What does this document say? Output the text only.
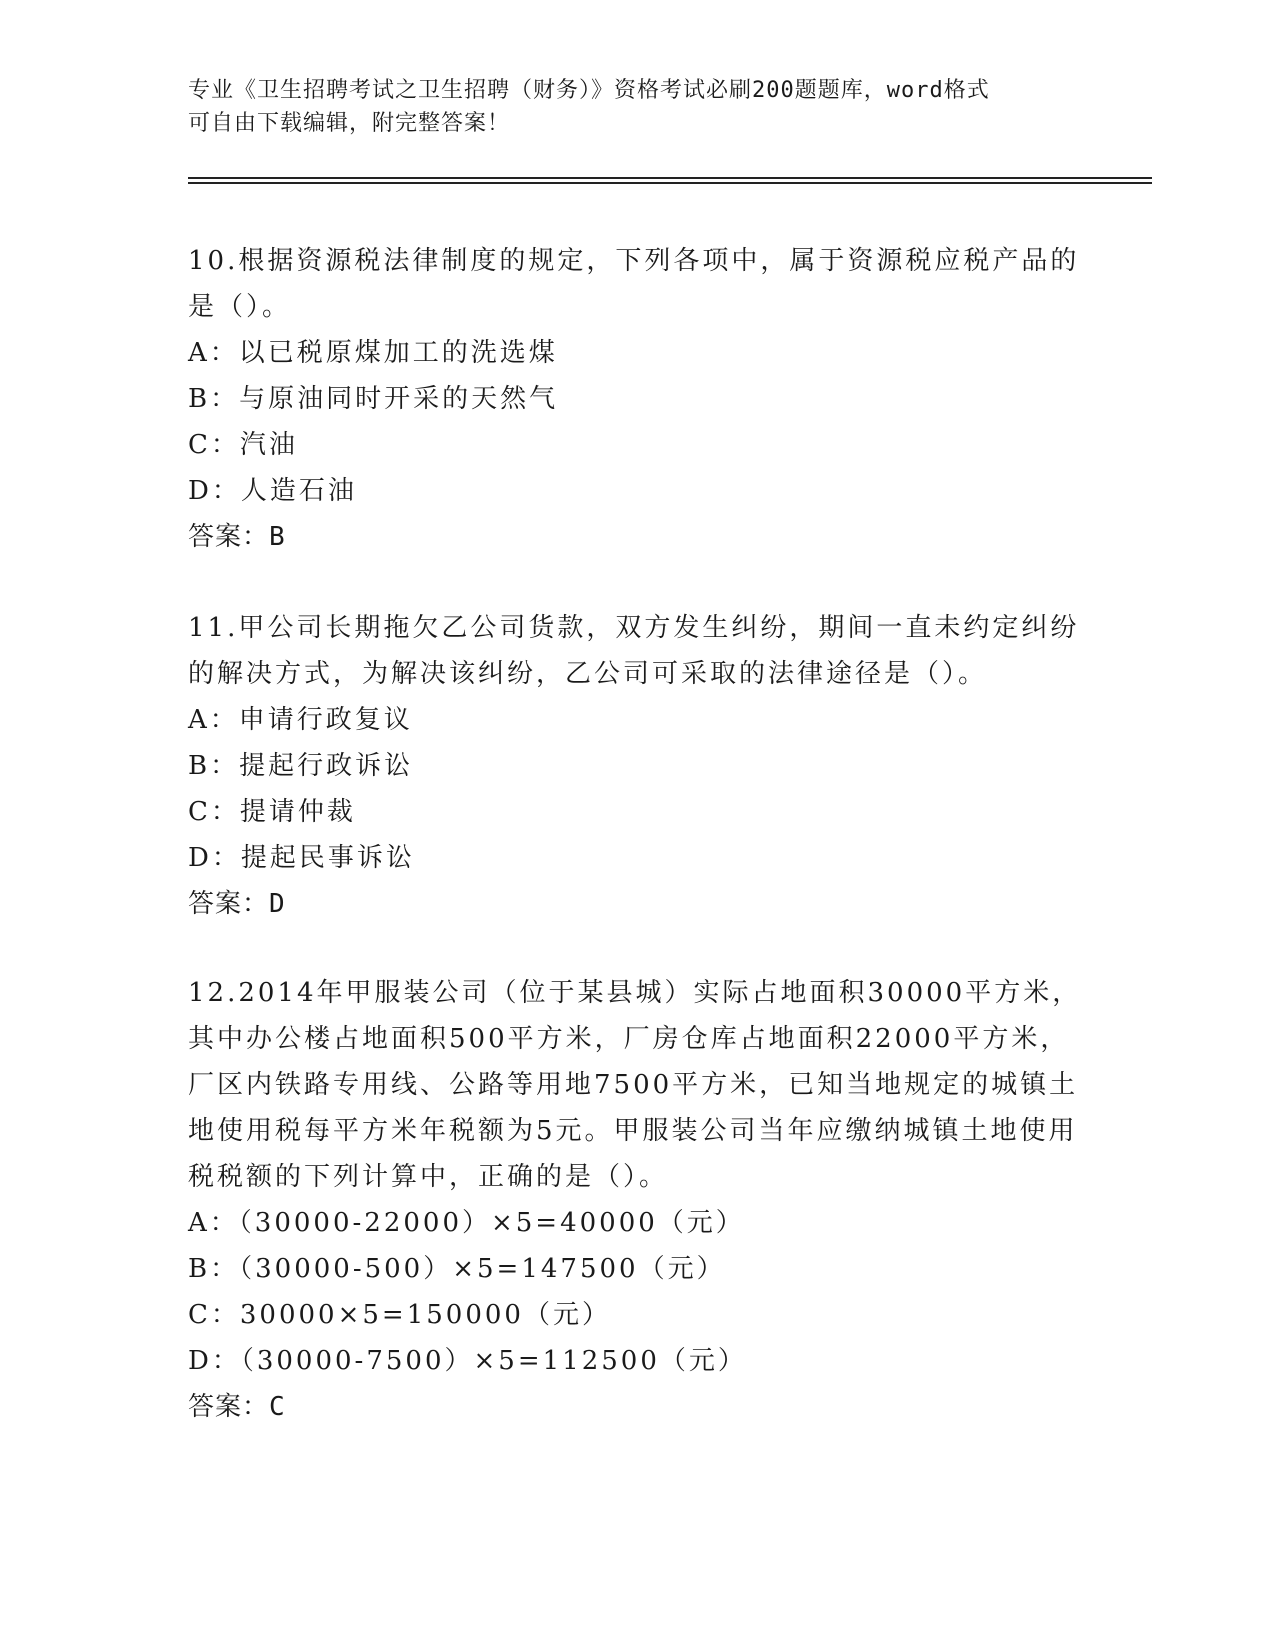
专业《卫生招聘考试之卫生招聘（财务）》资格考试必刷200题题库，word格式
可自由下载编辑，附完整答案！

10.根据资源税法律制度的规定，下列各项中，属于资源税应税产品的是（）。

A：以已税原煤加工的洗选煤
B：与原油同时开采的天然气
C：汽油
D：人造石油
答案：B

11.甲公司长期拖欠乙公司货款，双方发生纠纷，期间一直未约定纠纷的解决方式，为解决该纠纷，乙公司可采取的法律途径是（）。

A：申请行政复议
B：提起行政诉讼
C：提请仲裁
D：提起民事诉讼
答案：D

12.2014年甲服装公司（位于某县城）实际占地面积30000平方米，其中办公楼占地面积500平方米，厂房仓库占地面积22000平方米，厂区内铁路专用线、公路等用地7500平方米，已知当地规定的城镇土地使用税每平方米年税额为5元。甲服装公司当年应缴纳城镇土地使用税税额的下列计算中，正确的是（）。

A：（30000-22000）×5=40000（元）
B：（30000-500）×5=147500（元）
C：30000×5=150000（元）
D：（30000-7500）×5=112500（元）
答案：C
